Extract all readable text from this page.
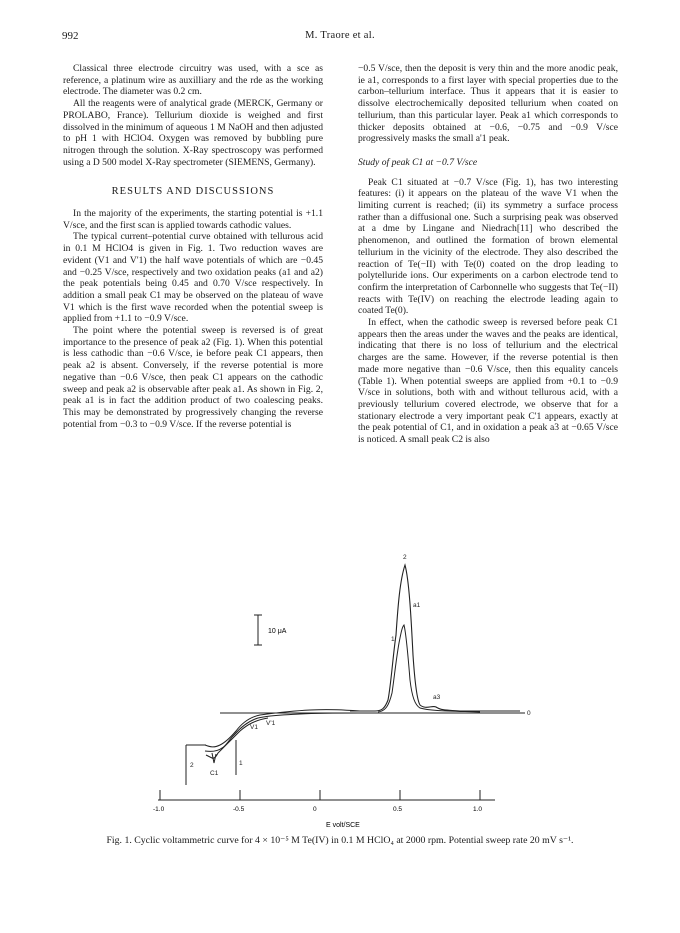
992	M. Traore et al.

Classical three electrode circuitry was used, with a sce as reference, a platinum wire as auxilliary and the rde as the working electrode. The diameter was 0.2 cm.

All the reagents were of analytical grade (MERCK, Germany or PROLABO, France). Tellurium dioxide is weighed and first dissolved in the minimum of aqueous 1 M NaOH and then adjusted to pH 1 with HClO4. Oxygen was removed by bubbling pure nitrogen through the solution. X-Ray spectroscopy was performed using a D 500 model X-Ray spectrometer (SIEMENS, Germany).

RESULTS AND DISCUSSIONS

In the majority of the experiments, the starting potential is +1.1 V/sce, and the first scan is applied towards cathodic values.

The typical current–potential curve obtained with tellurous acid in 0.1 M HClO4 is given in Fig. 1. Two reduction waves are evident (V1 and V'1) the half wave potentials of which are −0.45 and −0.25 V/sce, respectively and two oxidation peaks (a1 and a2) the peak potentials being 0.45 and 0.70 V/sce respectively. In addition a small peak C1 may be observed on the plateau of wave V1 which is the first wave recorded when the potential sweep is applied from +1.1 to −0.9 V/sce.

The point where the potential sweep is reversed is of great importance to the presence of peak a2 (Fig. 1). When this potential is less cathodic than −0.6 V/sce, ie before peak C1 appears, then peak a2 is absent. Conversely, if the reverse potential is more negative than −0.6 V/sce, then peak C1 appears on the cathodic sweep and peak a2 is observable after peak a1. As shown in Fig. 2, peak a1 is in fact the addition product of two coalescing peaks. This may be demonstrated by progressively changing the reverse potential from −0.3 to −0.9 V/sce. If the reverse potential is

−0.5 V/sce, then the deposit is very thin and the more anodic peak, ie a1, corresponds to a first layer with special properties due to the carbon–tellurium interface. Thus it appears that it is easier to dissolve electrochemically deposited tellurium when coated on tellurium, than this particular layer. Peak a1 which corresponds to thicker deposits obtained at −0.6, −0.75 and −0.9 V/sce progressively masks the small a'1 peak.

Study of peak C1 at −0.7 V/sce

Peak C1 situated at −0.7 V/sce (Fig. 1), has two interesting features: (i) it appears on the plateau of the wave V1 when the limiting current is reached; (ii) its symmetry a surface process rather than a diffusional one. Such a surprising peak was observed at a dme by Lingane and Niedrach[11] who described the phenomenon, and outlined the formation of brown elemental tellurium in the vicinity of the electrode. They also described the reaction of Te(−II) with Te(0) coated on the drop leading to polytelluride ions. Our experiments on a carbon electrode tend to confirm the interpretation of Carbonnelle who suggests that Te(−II) reacts with Te(IV) on reaching the electrode leading again to coated Te(0).

In effect, when the cathodic sweep is reversed before peak C1 appears then the areas under the waves and the peaks are identical, indicating that there is no loss of tellurium and the electrical charges are the same. However, if the reverse potential is then made more negative than −0.6 V/sce, then this equality cancels (Table 1). When potential sweeps are applied from +0.1 to −0.9 V/sce in solutions, both with and without tellurous acid, with a previously tellurium covered electrode, we observe that for a stationary electrode a very important peak C'1 appears, exactly at the peak potential of C1, and in oxidation a peak a3 at −0.65 V/sce is noticed. A small peak C2 is also

10 μA
2
a1
1
a3
0
V1
V'1
C1
2	1
-1.0	-0.5	0	0.5	1.0
E volt/SCE
Fig. 1. Cyclic voltammetric curve for 4 × 10⁻⁵ M Te(IV) in 0.1 M HClO₄ at 2000 rpm. Potential sweep rate 20 mV s⁻¹.
